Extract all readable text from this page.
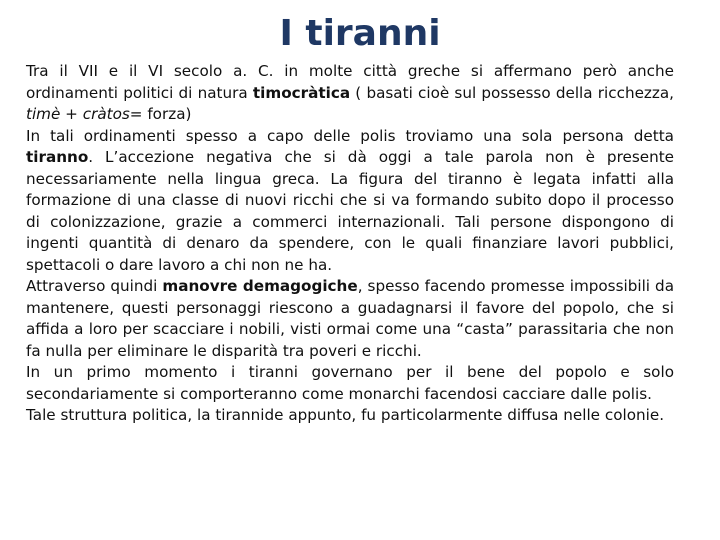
I tiranni

Tra il VII e il VI secolo a. C. in molte città greche si affermano però anche ordinamenti politici di natura timocràtica ( basati cioè sul possesso della ricchezza, timè + cràtos= forza)

In tali ordinamenti spesso a capo delle polis troviamo una sola persona detta tiranno. L’accezione negativa che si dà oggi a tale parola non è presente necessariamente nella lingua greca. La figura del tiranno è legata infatti alla formazione di una classe di nuovi ricchi che si va formando subito dopo il processo di colonizzazione, grazie a commerci internazionali. Tali persone dispongono di ingenti quantità di denaro da spendere, con le quali finanziare lavori pubblici, spettacoli o dare lavoro a chi non ne ha.

Attraverso quindi manovre demagogiche, spesso facendo promesse impossibili da mantenere, questi personaggi riescono a guadagnarsi il favore del popolo, che si affida a loro per scacciare i nobili, visti ormai come una “casta” parassitaria che non fa nulla per eliminare le disparità tra poveri e ricchi.

In un primo momento i tiranni governano per il bene del popolo e solo secondariamente si comporteranno come monarchi facendosi cacciare dalle polis.

Tale struttura politica, la tirannide appunto, fu particolarmente diffusa nelle colonie.
